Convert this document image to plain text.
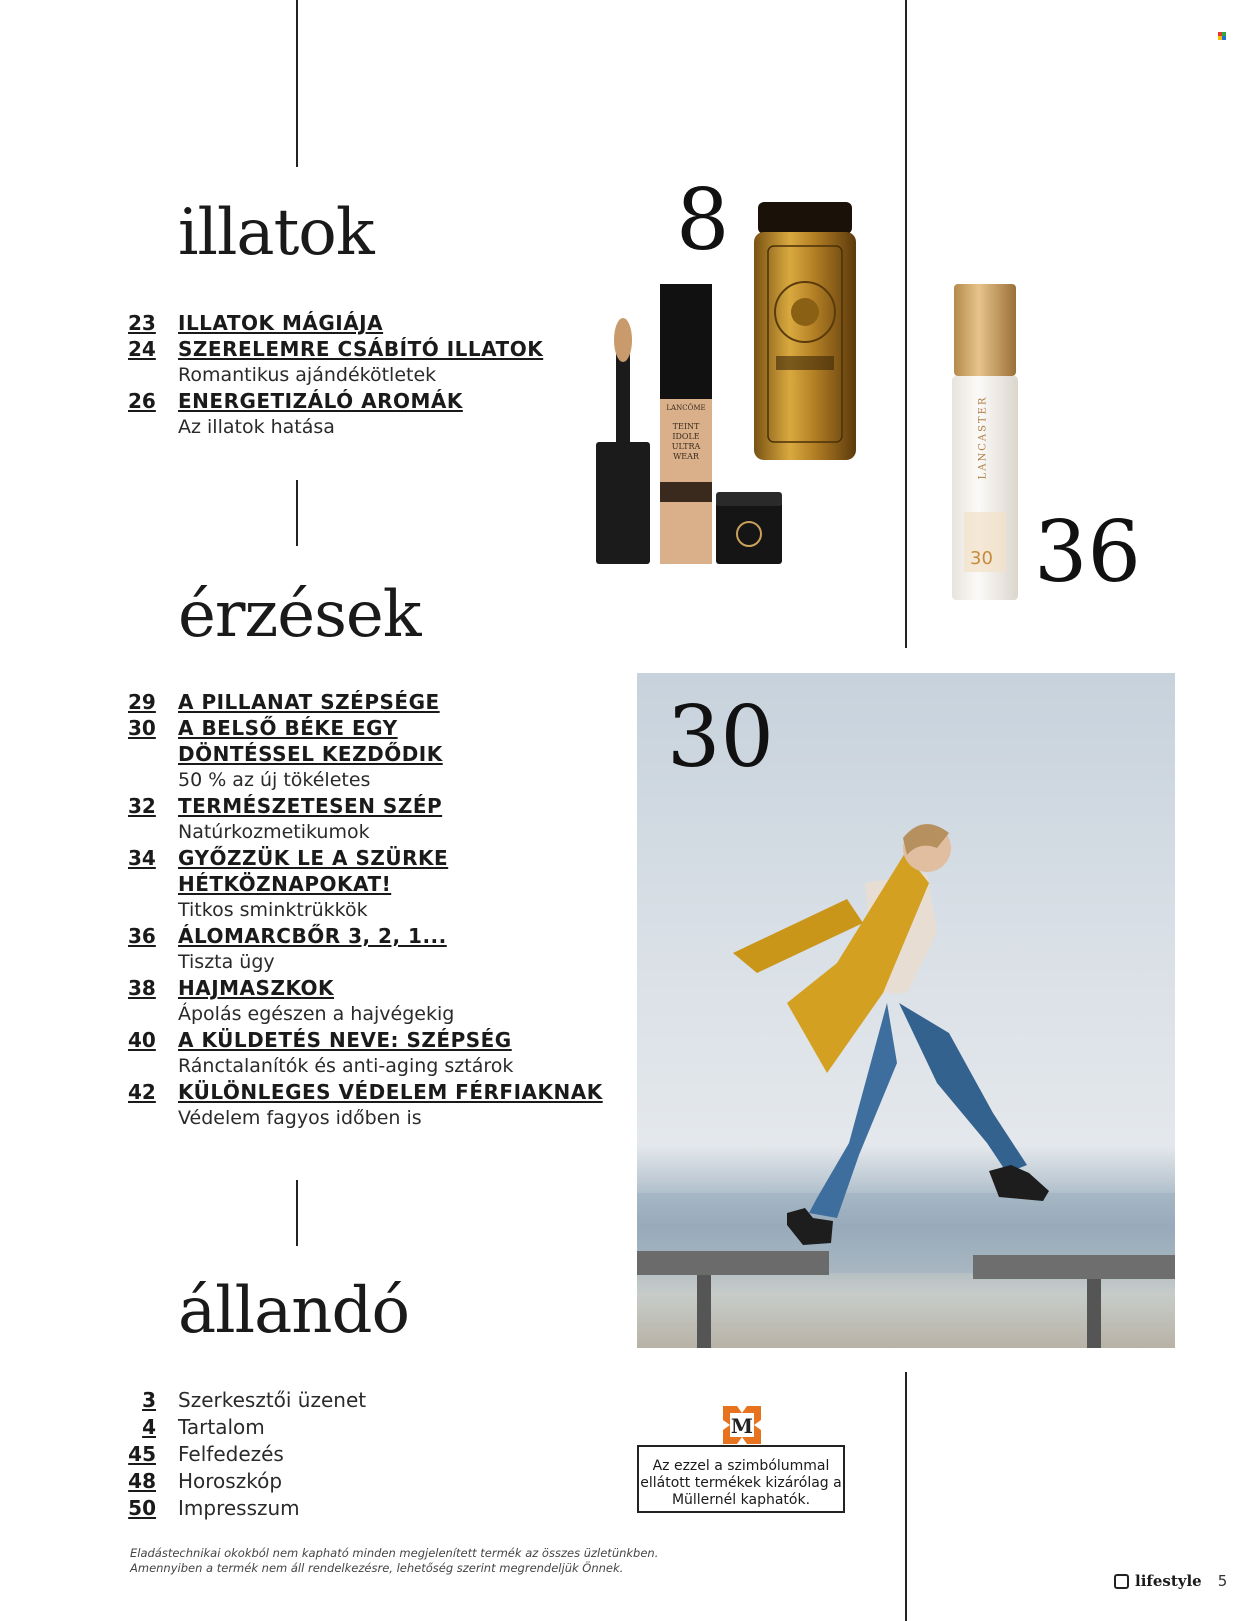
illatok
23	ILLATOK MÁGIÁJA
24	SZERELEMRE CSÁBÍTÓ ILLATOK
Romantikus ajándékötletek
26	ENERGETIZÁLÓ AROMÁK
Az illatok hatása
érzések
29	A PILLANAT SZÉPSÉGE
30	A BELSŐ BÉKE EGY DÖNTÉSSEL KEZDŐDIK
50 % az új tökéletes
32	TERMÉSZETESEN SZÉP
Natúrkozmetikumok
34	GYŐZZÜK LE A SZÜRKE HÉTKÖZNAPOKAT!
Titkos sminktrükkök
36	ÁLOMARCBŐR 3, 2, 1...
Tiszta ügy
38	HAJMASZKOK
Ápolás egészen a hajvégekig
40	A KÜLDETÉS NEVE: SZÉPSÉG
Ránctalanítók és anti-aging sztárok
42	KÜLÖNLEGES VÉDELEM FÉRFIAKNAK
Védelem fagyos időben is
állandó
3	Szerkesztői üzenet
4	Tartalom
45	Felfedezés
48	Horoszkóp
50	Impresszum
8
36
LANCÔME
TEINT IDOLE ULTRA WEAR	LANCASTER
30
30
M
Az ezzel a szimbólummal ellátott termékek kizárólag a Müllernél kaphatók.
Eladástechnikai okokból nem kapható minden megjelenített termék az összes üzletünkben.
Amennyiben a termék nem áll rendelkezésre, lehetőség szerint megrendeljük Önnek.
lifestyle 5
